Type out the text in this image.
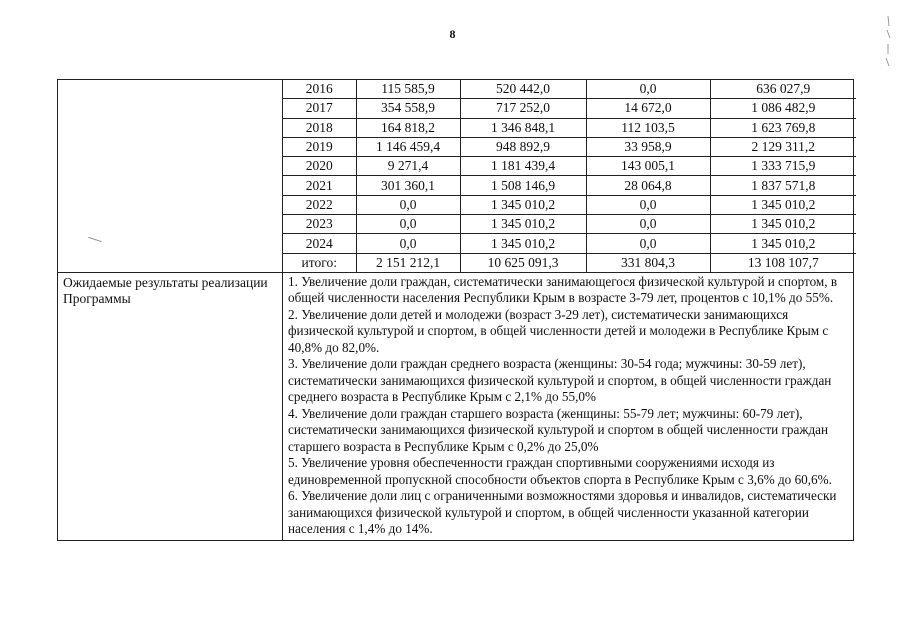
8

2016	115 585,9	520 442,0	0,0	636 027,9
2017	354 558,9	717 252,0	14 672,0	1 086 482,9
2018	164 818,2	1 346 848,1	112 103,5	1 623 769,8
2019	1 146 459,4	948 892,9	33 958,9	2 129 311,2
2020	9 271,4	1 181 439,4	143 005,1	1 333 715,9
2021	301 360,1	1 508 146,9	28 064,8	1 837 571,8
2022	0,0	1 345 010,2	0,0	1 345 010,2
2023	0,0	1 345 010,2	0,0	1 345 010,2
2024	0,0	1 345 010,2	0,0	1 345 010,2
итого:	2 151 212,1	10 625 091,3	331 804,3	13 108 107,7

Ожидаемые результаты реализации Программы

1. Увеличение доли граждан, систематически занимающегося физической культурой и спортом, в общей численности населения Республики Крым в возрасте 3-79 лет, процентов с 10,1% до 55%.

2. Увеличение доли детей и молодежи (возраст 3-29 лет), систематически занимающихся физической культурой и спортом, в общей численности детей и молодежи в Республике Крым с 40,8% до 82,0%.

3. Увеличение доли граждан среднего возраста (женщины: 30-54 года; мужчины: 30-59 лет), систематически занимающихся физической культурой и спортом, в общей численности граждан среднего возраста в Республике Крым с 2,1% до 55,0%

4. Увеличение доли граждан старшего возраста (женщины: 55-79 лет; мужчины: 60-79 лет), систематически занимающихся физической культурой и спортом в общей численности граждан старшего возраста в Республике Крым с 0,2% до 25,0%

5. Увеличение уровня обеспеченности граждан спортивными сооружениями исходя из единовременной пропускной способности объектов спорта в Республике Крым с 3,6% до 60,6%.

6. Увеличение доли лиц с ограниченными возможностями здоровья и инвалидов, систематически занимающихся физической культурой и спортом, в общей численности указанной категории населения с 1,4% до 14%.
